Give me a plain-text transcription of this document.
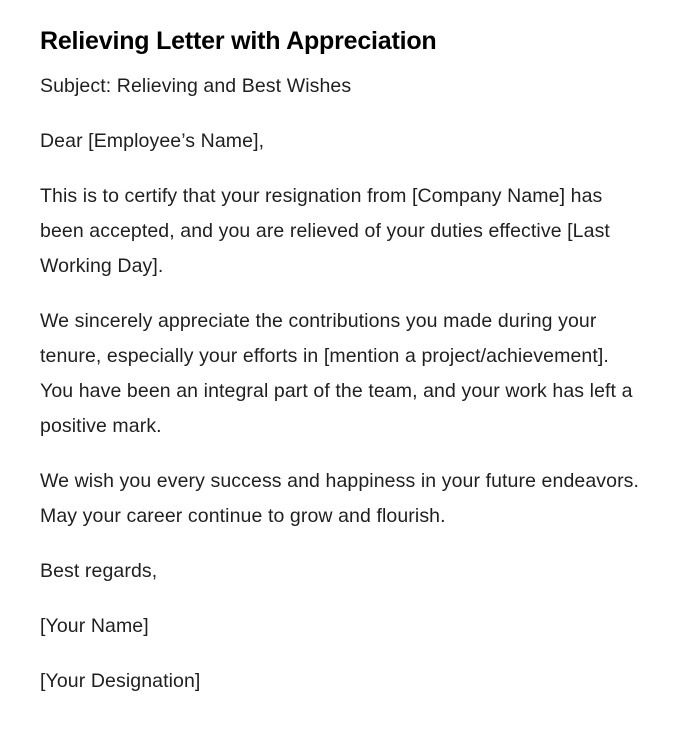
Relieving Letter with Appreciation

Subject: Relieving and Best Wishes

Dear [Employee’s Name],

This is to certify that your resignation from [Company Name] has been accepted, and you are relieved of your duties effective [Last Working Day].

We sincerely appreciate the contributions you made during your tenure, especially your efforts in [mention a project/achievement]. You have been an integral part of the team, and your work has left a positive mark.

We wish you every success and happiness in your future endeavors. May your career continue to grow and flourish.

Best regards,

[Your Name]

[Your Designation]
